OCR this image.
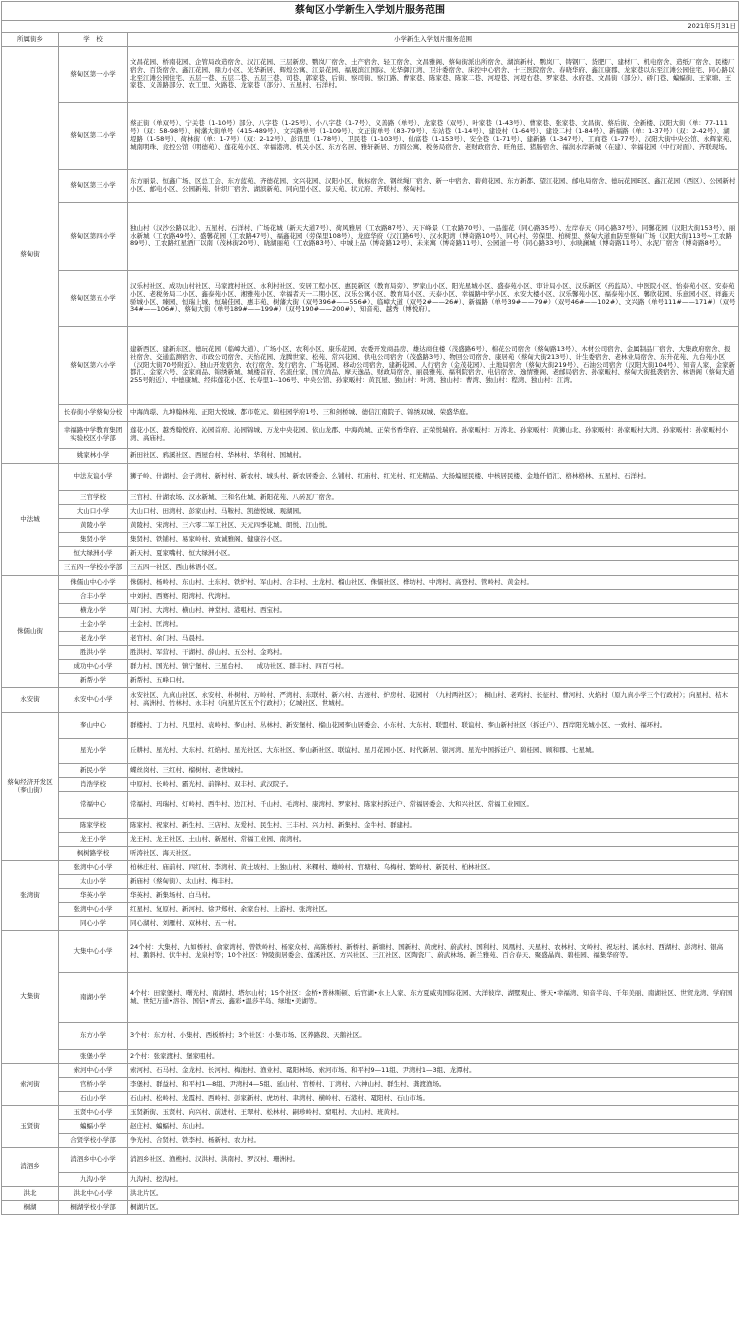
蔡甸区小学新生入学划片服务范围		
2021年5月31日		
所属街乡	学　校	小学新生入学划片服务范围
蔡甸街	蔡甸区第一小学	文昌花园、桥南花园、企管局改造宿舍、汉江花园、三层新房、鹦岚厂宿舍、土产宿舍、轻工宿舍、文昌雅阁、蔡甸街派出所宿舍、湖滨新村、鹦岚厂、铸钢厂、货肥厂、建材厂、机电宿舍、造纸厂宿舍、民楼厂宿舍、百货宿舍、鑫江花园、鼎力小区、光华新居、辉煌公寓、江景花园、福晟滨江国际、光华御江湾、卫计委宿舍、床控中心宿舍、十三医院宿舍、春晓华府、鑫江康郡、龙家巷以东至江滩公园住宅、同心路以北至江滩公园住宅、五层一巷、五层二巷、五层三巷、司巷、郭家巷、后街、察司街、察江路、曹家巷、陈家巷、陈家二巷、河堤巷、河堤右巷、罗家巷、水府巷、文昌街（部分）、硚门巷、蝙蝠街、王家塘、王家巷、义善路部分、农工里、火路巷、龙家巷（部分）、五星村、石洋村。
	蔡甸区第二小学	蔡正街（单双号）、宁关巷（1-10号）部分、八字巷（1-25号）、小八字巷（1-7号）、义善路（单号）、龙家巷（双号）、叶家巷（1-43号）、曹家巷、张家巷、文昌街、蔡后街、全新楼、汉阳大街（单：77-111号）（双：58-98号）、树藩大街单号（415-489号）、文兴路单号（1-109号）、文正街单号（83-79号）、车站巷（1-14号）、建设村（1-64号）、建设二村（1-84号）、新福路（单：1-37号）（双：2-42号）、湖堤路（1-58号）、荷林街（单：1-7号）（双：2-12号）、彭讯里（1-78号）、卫民巷（1-103号）、仙富巷（1-153号）、安全巷（1-71号）、建新路（1-347号）、工商巷（1-77号）、汉阳大街中央公馆、永辉家苑、城南明珠、竞控公馆（明德苑）、莲花苑小区、幸福港湾、机关小区、东方名居、雅轩新居、方圆公寓、税务局宿舍、老财政宿舍、旺角廷、猪肠宿舍、福润水岸新城（在建）、幸福花园（中行对面）、齐联现场。
	蔡甸区第三小学	东方丽景、恒鑫广场、区总工会、东方蓝苑、齐德花园、文兴花园、汉阳小区、航标宿舍、钢丝绳厂宿舍、新一中宿舍、碧荷花园、东方新都、望江花园、邮电局宿舍、德玩花园E区、鑫江花园（西区）、公园新村小区、邮电小区、公园新苑、针织厂宿舍、湖滨新苑、同向里小区、景天苑、状元府、齐联村、蔡甸村。
	蔡甸区第四小学	独山村（汉沙公路以北）、五星村、石洋村、广场花城（新天大道7号）、荷风雅居（工农路87号）、天下峰景（工农路70号）、一品莲花（同心路35号）、左岸春天（同心路37号）、同馨花园（汉阳大街153号）、丽水新城（工农路49号）、盛馨花园（工农路47号）、福鑫花园（劳保里108号）、龙庭华府（汉江路6号）、汉水阳湾（博奇路10号）、同心村、劳保里、柏树里、蔡甸大道血防至蔡甸广场（汉阳大街113号~工农路89号）、工农路红星酒厂以南（茂林街20号）、晓湖丽苑（工农路83号）、中城上品（博奇路12号）、未来寓（博奇路11号）、公园道一号（同心路33号）、水映澜城（博奇路11号）、水泥厂宿舍（博奇路8号）。
	蔡甸区第五小学	汉乐村社区、成功山村社区、马家渡村社区、永利村社区、安居工程小区、惠民新区（教育局旁）、罗家山小区、阳光星城小区、盛泰苑小区、审计局小区、汉乐新区（药监局）、中医院小区、怡泰苑小区、安泰苑小区、老税务局二小区、鑫泰苑小区、湘雅苑小区、幸福者天一二期小区、汉乐公寓小区、教育局小区、天泰小区、幸福路中学小区、永安大楼小区、汉乐馨苑小区、福泰苑小区、馨欣花园、乐意园小区、祥鑫天骄城小区、臻园、恒瑞上城、恒瑞佳园、惠丰苑、树藩大街（双号396#——556#）、临嶂大道（双号2#——26#）、新福路（单号39#——79#）（双号46#——102#）、文兴路（单号111#——171#）（双号34#——106#）、蔡甸大街（单号189#——199#）（双号190#——200#）、知音苑、越秀（博悦府）。
	蔡甸区第六小学	建新西区、建新东区、德玩花园（临嶂大道）、广场小区、农利小区、康乐花园、农委开发商品房、雄达商住楼（茂盛路6号）、棉花公司宿舍（蔡甸路13号）、木材公司宿舍、金属制品厂宿舍、大集政府宿舍、报社宿舍、交通监测宿舍、市政公司宿舍、天怡花园、龙腾世家、松苑、常兴花园、供电公司宿舍（茂盛路3号）、物回公司宿舍、康居苑（蔡甸大街213号）、计生委宿舍、老林业局宿舍、东升花苑、九台苑小区（汉阳大街70号附近）、独山开发宿舍、农行宿舍、发行宿舍、广场花园、移动公司宿舍、建新花园、人行宿舍（金茂花园）、土地局宿舍（蔡甸大街219号）、石油公司宿舍（汉阳大街104号）、知音人家、金家新都汇、金家六号、金家商品、锦绣新城、城楼首府、名流仕家、国立尚品、摩天逸品、财政局宿舍、丽晨雅苑、福利院宿舍、电信宿舍、逸情雅阁、老邮局宿舍、孙家畈村、蔡甸大街抵袭宿舍、林语阁（蔡甸大道255号附近）、中德康城、经纬莲花小区、长寿里1--106号、中央公馆、孙家畈村：黄瓦屋、独山村：叶湾、独山村：曹湾、独山村：程湾、独山村：江湾。
	长春街小学蔡甸分校	中海尚璟、九坤翰林苑、正阳大悦城、都市乾元、碧桂园学府1号、三和剑桥城、德信江南院子、锦绣双城、荣盛华庭。
	幸福路中学教育集团实验校区小学部	莲花小区、越秀翰悦府、沁园首府、沁园锦城、万龙中央花园、依山龙郡、中海尚城、正荣书香华府、正荣悦瑞府。孙家畈村：万涛北、孙家畈村：黄狮山北、孙家畈村：孙家畈村大湾、孙家畈村：孙家畈村小湾、高庙村。
	姚家林小学	新田社区、鸦溪社区、西屋台村、华林村、华利村、国城村。
中法城	中法友谊小学	狮子岭、什湖村、会子湾村、新村村、新农村、城头村、新农居委会、么铺村、红庙村、红光村、红光精品、大扬煸屋民楼、中核居民楼、金地仟佰汇、格林格林、五星村、石洋村。
	三官学校	三官村、什湖农场、汉水新城、三和名仕城、新阳花苑、八砖瓦厂宿舍。
	大山口小学	大山口村、田湾村、彭家山村、马鞍村、凯德悦城、观湖园。
	黄陵小学	黄陵村、宋湾村、三六零二军工社区、天元四季花城、朗悦、江山悦。
	集贤小学	集贤村、铁铺村、易家岭村、致诚雅阁、健康谷小区。
	恒大绿洲小学	新天村、夏家嘴村、恒大绿洲小区。
	三五四一学校小学部	三五四一社区、西山林语小区。
侏儒山街	侏儒山中心小学	侏儒村、杨岭村、东山村、土东村、铁炉村、军山村、合丰村、土龙村、榴山社区、侏儒社区、桦坊村、中湾村、高登村、管岭村、黄金村。
	合丰小学	中刘村、西赛村、阳湾村、代湾村。
	横龙小学	周门村、大湾村、横山村、神堂村、港咀村、西宝村。
	土金小学	土金村、匡湾村。
	老龙小学	老官村、余门村、马晨村。
	胜洪小学	胜洪村、军营村、干湖村、薛山村、五公村、金鸡村。
	成功中心小学	群力村、国光村、镇宁堡村、三星台村、　　成功社区、群丰村、四百弓村。
	新帮小学	新帮村、五峰口村。
永安街	永安中心小学	永安社区、九真山社区、永安村、朴树村、万岭村、严湾村、东联村、新六村、古迹村、炉房村、花园村　（九村两社区）；　桐山村、老鸡村、长征村、曹河村、火焰村（原九真小学三个行政村）；向星村、桔木村、高洲村、竹林村、永丰村（向星片区五个行政村）；亿城社区、世城村。
蔡甸经济开发区（奓山街）	奓山中心	群楼村、丁力村、凡里村、袁岭村、奓山村、丛林村、新安堡村、榴山花园奓山居委会、小东村、大东村、联盟村、联谊村、奓山新村社区（拆迁户）、西岸阳光城小区、一致村、福环村。
	星光小学	丘耕村、星光村、大东村、红焰村、星光社区、大东社区、奓山新社区、联谊村、星月花园小区、时代新居、银河湾、星光中国拆迁户、碧桂园、顾和郡、七星城。
	新民小学	蝶丝岗村、三红村、榴树村、老世城村。
	肖浩学校	中原村、长岭村、霸光村、前锋村、双丰村、武汉院子。
	常福中心	常福村、玛瑞村、灯岭村、西牛村、边江村、千山村、毛湾村、康湾村、罗家村、陈家村拆迁户、常福居委会、大和兴社区、常福工业园区。
	陈家学校	陈家村、祝家村、新生村、三店村、友爱村、民生村、三丰村、兴力村、新集村、金牛村、群建村。
	龙王小学	龙王村、龙王社区、土山村、新屋村、常福工业园、南湾村。
	枫树路学校	听涛社区、海天社区。
张湾街	张湾中心小学	柏林庄村、庙前村、四红村、李湾村、黄土坡村、上独山村、米粿村、雄岭村、官塘村、乌梅村、繁岭村、新民村、柏林社区。
	太山小学	新庙村（蔡甸街）、太山村、梅丰村。
	华英小学	华英村、新集场村、白马村。
	张湾中心小学	红星村、复原村、新河村、徐尹郑村、余家台村、上游村、张湾社区。
	同心小学	同心湖村、刘雁村、双林村、五一村。
大集街	大集中心小学	24个村：大集村、九如桥村、俞家湾村、曾铁岭村、杨家众村、高陈桥村、新桥村、新塘村、国新村、黄虎村、蔚武村、国利村、凤凰村、天星村、农林村、文岭村、祝坛村、溪水村、西湖村、彭湾村、银高村、鹅斜村、伏牛村、龙泉村等；10个社区：钟陵街居委会、莲溪社区、方兴社区、三江社区、区陶瓷厂、蔚武林场、新兰雅苑、百合春天、聚盛晶尚、碧桂园、福集华府等。
	南湖小学	4个村：田家堡村、曙光村、南湖村、塔尔山村；15个社区：金桥•普林斯顿、后官湖•水上人家、东方夏威夷国际花园、大洋彼岸、湖墅观止、誉天•幸福湾、知音半岛、千年美丽、南湖社区、世贸龙湾、学府国城、世纪万通•溶谷、国信•青云、鑫彩•温莎半岛、绿地•美湖等。
	东方小学	3个村：东方村、小集村、西板桥村；3个社区：小集市场、区养路段、天鹅社区。
	张堡小学	2个村：张家渡村、堡家咀村。
索河街	索河中心小学	索河村、石马村、金龙村、长河村、梅池村、渔业村、鼋阳林场、索河市场、和平村9—11组、尹湾村1—3组、龙潭村。
	官桥小学	李堡村、群益村、和平村1—8组、尹湾村4—5组、延山村、官桥村、丁湾村、六神山村、群生村、龚渡渔场。
	石山小学	石山村、松岭村、龙霞村、西岭村、彭家新村、虎坊村、聿湾村、横岭村、石港村、鼋阳村、石山市场。
玉贤街	玉贤中心小学	玉贤新街、玉贤村、向兴村、前进村、王翠村、松林村、嗣珍岭村、窟咀村、大山村、班黄村。
	蝙蝠小学	赵庄村、蝙蝠村、东山村。
	合贤学校小学部	争光村、合贤村、铁李村、杨新村、农力村。
消泗乡	消泗乡中心小学	消泗乡社区、渔樵村、汉洪村、洪南村、罗汉村、珊洲村。
	九沟小学	九沟村、挖沟村。
洪北	洪北中心小学	洪北片区。
桐湖	桐湖学校小学部	桐湖片区。
